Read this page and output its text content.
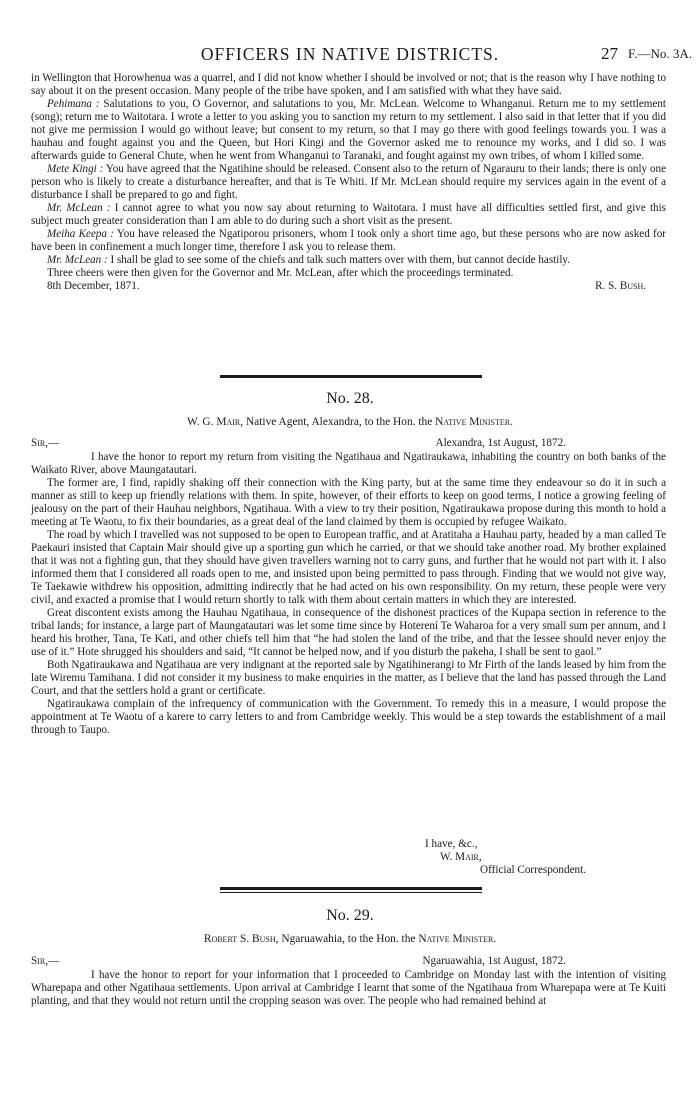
OFFICERS IN NATIVE DISTRICTS.	27 F.—No. 3A.

in Wellington that Horowhenua was a quarrel, and I did not know whether I should be involved or not; that is the reason why I have nothing to say about it on the present occasion. Many people of the tribe have spoken, and I am satisfied with what they have said.

Pehimana : Salutations to you, O Governor, and salutations to you, Mr. McLean. Welcome to Whanganui. Return me to my settlement (song); return me to Waitotara. I wrote a letter to you asking you to sanction my return to my settlement. I also said in that letter that if you did not give me permission I would go without leave; but consent to my return, so that I may go there with good feelings towards you. I was a hauhau and fought against you and the Queen, but Hori Kingi and the Governor asked me to renounce my works, and I did so. I was afterwards guide to General Chute, when he went from Whanganui to Taranaki, and fought against my own tribes, of whom I killed some.

Mete Kingi : You have agreed that the Ngatihine should be released. Consent also to the return of Ngarauru to their lands; there is only one person who is likely to create a disturbance hereafter, and that is Te Whiti. If Mr. McLean should require my services again in the event of a disturbance I shall be prepared to go and fight.

Mr. McLean : I cannot agree to what you now say about returning to Waitotara. I must have all difficulties settled first, and give this subject much greater consideration than I am able to do during such a short visit as the present.

Meiha Keepa : You have released the Ngatiporou prisoners, whom I took only a short time ago, but these persons who are now asked for have been in confinement a much longer time, therefore I ask you to release them.

Mr. McLean : I shall be glad to see some of the chiefs and talk such matters over with them, but cannot decide hastily.

Three cheers were then given for the Governor and Mr. McLean, after which the proceedings terminated.

8th December, 1871.	R. S. Bush.
No. 28.
W. G. Mair, Native Agent, Alexandra, to the Hon. the Native Minister.
Sir,—	Alexandra, 1st August, 1872.

I have the honor to report my return from visiting the Ngatihaua and Ngatiraukawa, inhabiting the country on both banks of the Waikato River, above Maungatautari.

The former are, I find, rapidly shaking off their connection with the King party, but at the same time they endeavour so do it in such a manner as still to keep up friendly relations with them. In spite, however, of their efforts to keep on good terms, I notice a growing feeling of jealousy on the part of their Hauhau neighbors, Ngatihaua. With a view to try their position, Ngatiraukawa propose during this month to hold a meeting at Te Waotu, to fix their boundaries, as a great deal of the land claimed by them is occupied by refugee Waikato.

The road by which I travelled was not supposed to be open to European traffic, and at Aratitaha a Hauhau party, headed by a man called Te Paekauri insisted that Captain Mair should give up a sporting gun which he carried, or that we should take another road. My brother explained that it was not a fighting gun, that they should have given travellers warning not to carry guns, and further that he would not part with it. I also informed them that I considered all roads open to me, and insisted upon being permitted to pass through. Finding that we would not give way, Te Taekawie withdrew his opposition, admitting indirectly that he had acted on his own responsibility. On my return, these people were very civil, and exacted a promise that I would return shortly to talk with them about certain matters in which they are interested.

Great discontent exists among the Hauhau Ngatihaua, in consequence of the dishonest practices of the Kupapa section in reference to the tribal lands; for instance, a large part of Maungatautari was let some time since by Hoterení Te Waharoa for a very small sum per annum, and I heard his brother, Tana, Te Kati, and other chiefs tell him that “he had stolen the land of the tribe, and that the lessee should never enjoy the use of it.” Hote shrugged his shoulders and said, “It cannot be helped now, and if you disturb the pakeha, I shall be sent to gaol.”

Both Ngatiraukawa and Ngatihaua are very indignant at the reported sale by Ngatihinerangi to Mr Firth of the lands leased by him from the late Wiremu Tamihana. I did not consider it my business to make enquiries in the matter, as I believe that the land has passed through the Land Court, and that the settlers hold a grant or certificate.

Ngatiraukawa complain of the infrequency of communication with the Government. To remedy this in a measure, I would propose the appointment at Te Waotu of a karere to carry letters to and from Cambridge weekly. This would be a step towards the establishment of a mail through to Taupo.

I have, &c.,
W. Mair,
Official Correspondent.
No. 29.
Robert S. Bush, Ngaruawahia, to the Hon. the Native Minister.
Sir,—	Ngaruawahia, 1st August, 1872.

I have the honor to report for your information that I proceeded to Cambridge on Monday last with the intention of visiting Wharepapa and other Ngatihaua settlements. Upon arrival at Cambridge I learnt that some of the Ngatihaua from Wharepapa were at Te Kuiti planting, and that they would not return until the cropping season was over. The people who had remained behind at
